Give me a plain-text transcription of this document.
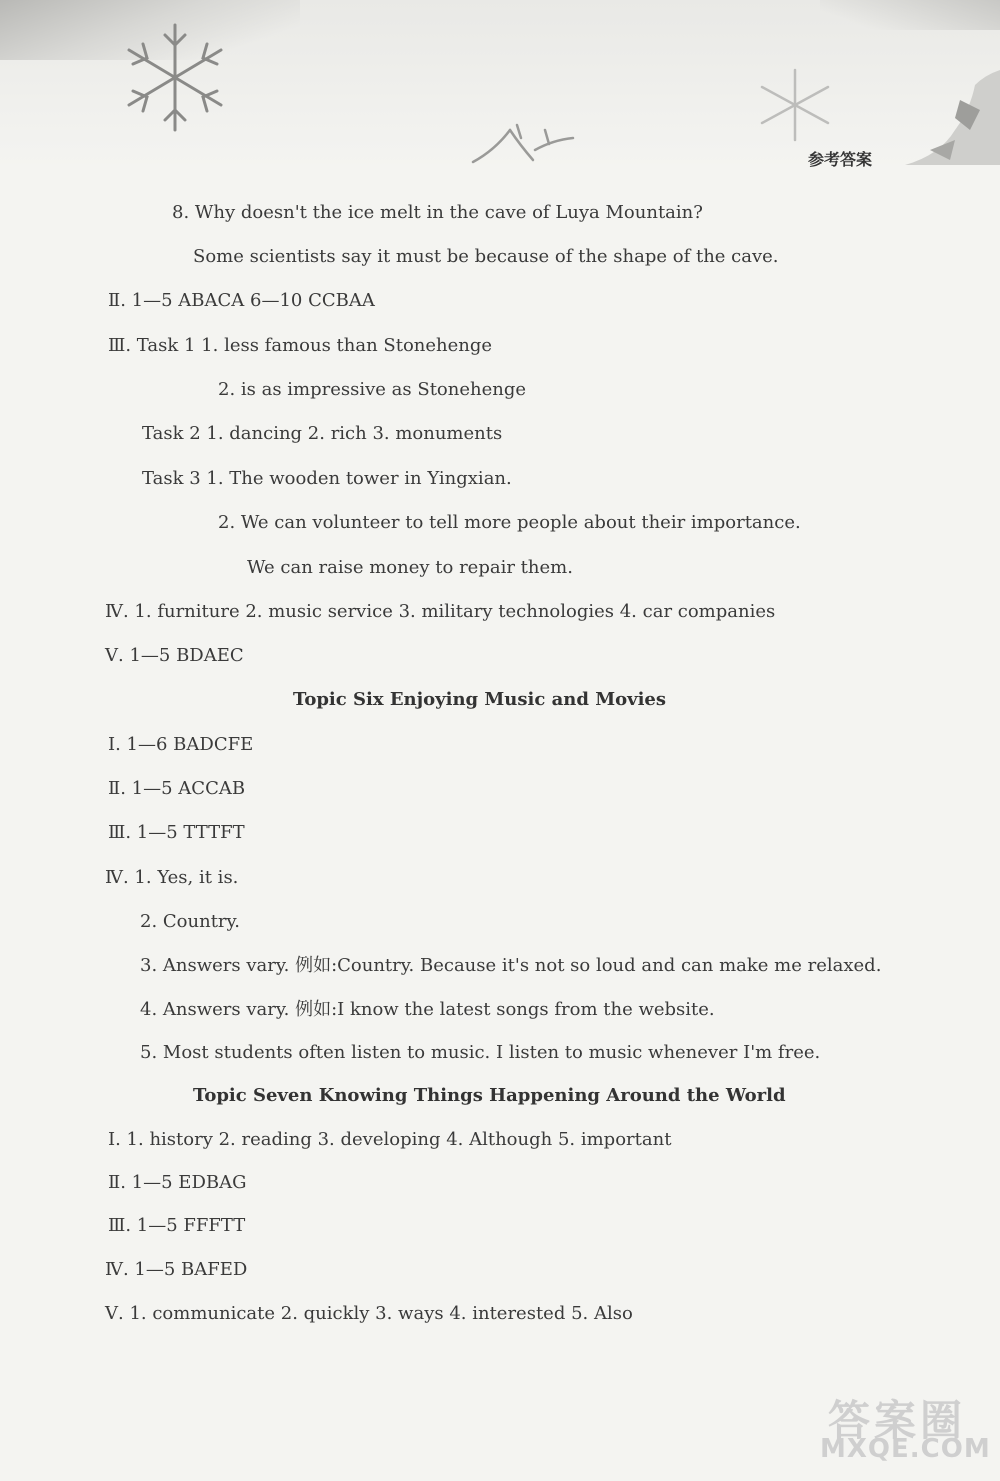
参考答案
8. Why doesn't the ice melt in the cave of Luya Mountain?
Some scientists say it must be because of the shape of the cave.
Ⅱ. 1—5 ABACA 6—10 CCBAA
Ⅲ. Task 1 1. less famous than Stonehenge
2. is as impressive as Stonehenge
Task 2 1. dancing 2. rich 3. monuments
Task 3 1. The wooden tower in Yingxian.
2. We can volunteer to tell more people about their importance.
We can raise money to repair them.
Ⅳ. 1. furniture 2. music service 3. military technologies 4. car companies
Ⅴ. 1—5 BDAEC
Topic Six Enjoying Music and Movies
Ⅰ. 1—6 BADCFE
Ⅱ. 1—5 ACCAB
Ⅲ. 1—5 TTTFT
Ⅳ. 1. Yes, it is.
2. Country.
3. Answers vary. 例如:Country. Because it's not so loud and can make me relaxed.
4. Answers vary. 例如:I know the latest songs from the website.
5. Most students often listen to music. I listen to music whenever I'm free.
Topic Seven Knowing Things Happening Around the World
Ⅰ. 1. history 2. reading 3. developing 4. Although 5. important
Ⅱ. 1—5 EDBAG
Ⅲ. 1—5 FFFTT
Ⅳ. 1—5 BAFED
Ⅴ. 1. communicate 2. quickly 3. ways 4. interested 5. Also
答案圈
MXQE.COM
